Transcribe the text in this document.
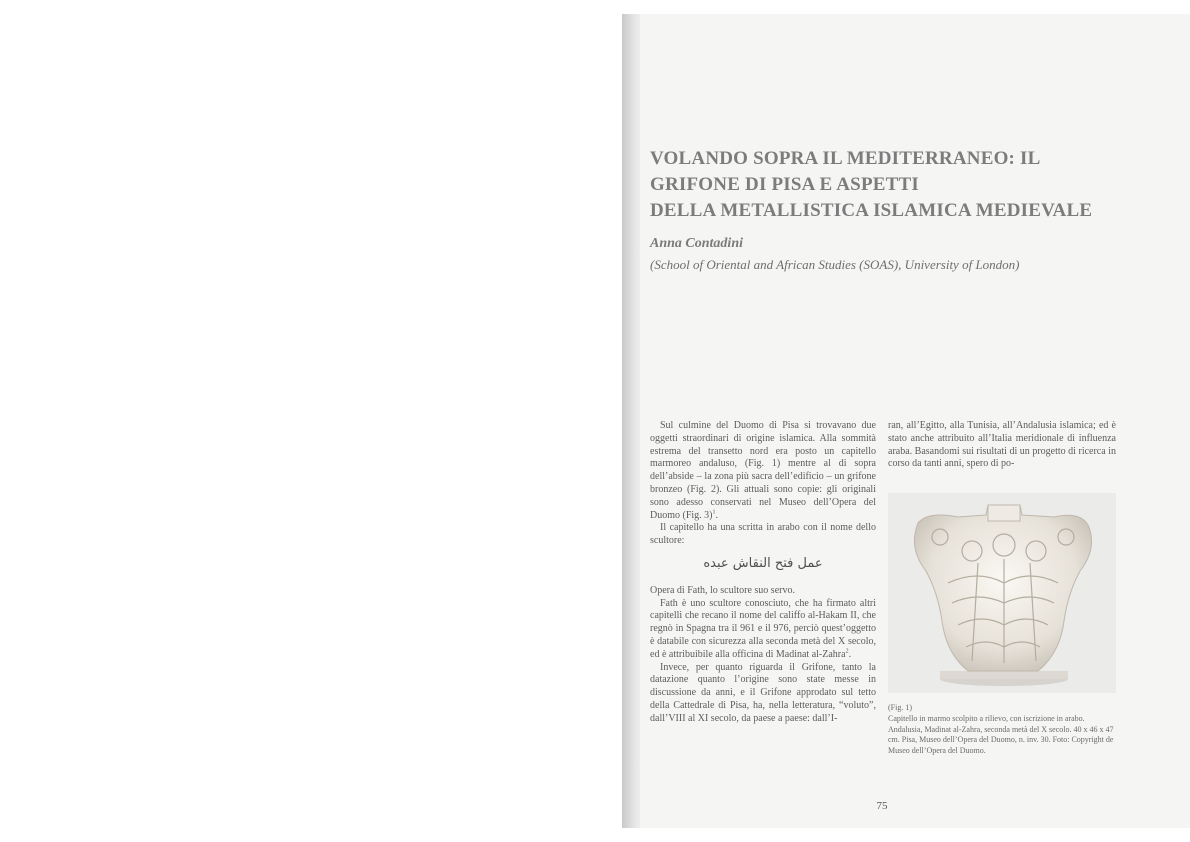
VOLANDO SOPRA IL MEDITERRANEO: IL
GRIFONE DI PISA E ASPETTI
DELLA METALLISTICA ISLAMICA MEDIEVALE
Anna Contadini
(School of Oriental and African Studies (SOAS), University of London)

Sul culmine del Duomo di Pisa si trovavano due oggetti straordinari di origine islamica. Alla sommità estrema del transetto nord era posto un capitello marmoreo andaluso, (Fig. 1) mentre al di sopra dell’abside – la zona più sacra dell’edificio – un grifone bronzeo (Fig. 2). Gli attuali sono copie: gli originali sono adesso conservati nel Museo dell’Opera del Duomo (Fig. 3)$^1$.

Il capitello ha una scritta in arabo con il nome dello scultore:

عمل فتح النقاش عبده

Opera di Fath, lo scultore suo servo.

Fath è uno scultore conosciuto, che ha firmato altri capitelli che recano il nome del califfo al-Hakam II, che regnò in Spagna tra il 961 e il 976, perciò quest’oggetto è databile con sicurezza alla seconda metà del X secolo, ed è attribuibile alla officina di Madinat al-Zahra$^2$.

Invece, per quanto riguarda il Grifone, tanto la datazione quanto l’origine sono state messe in discussione da anni, e il Grifone approdato sul tetto della Cattedrale di Pisa, ha, nella letteratura, “voluto”, dall’VIII al XI secolo, da paese a paese: dall’I-

ran, all’Egitto, alla Tunisia, all’Andalusia islamica; ed è stato anche attribuito all’Italia meridionale di influenza araba. Basandomi sui risultati di un progetto di ricerca in corso da tanti anni, spero di po-

(Fig. 1)
Capitello in marmo scolpito a rilievo, con iscrizione in arabo. Andalusia, Madinat al-Zahra, seconda metà del X secolo. 40 x 46 x 47 cm. Pisa, Museo dell’Opera del Duomo, n. inv. 30. Foto: Copyright de Museo dell’Opera del Duomo.
75
